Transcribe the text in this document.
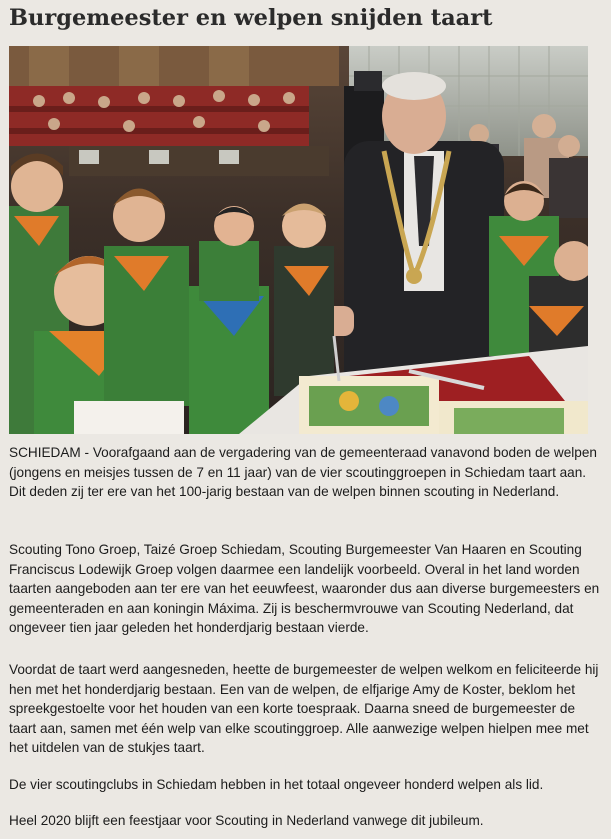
Burgemeester en welpen snijden taart

SCHIEDAM - Voorafgaand aan de vergadering van de gemeenteraad vanavond boden de welpen (jongens en meisjes tussen de 7 en 11 jaar) van de vier scoutinggroepen in Schiedam taart aan. Dit deden zij ter ere van het 100-jarig bestaan van de welpen binnen scouting in Nederland.

Scouting Tono Groep, Taizé Groep Schiedam, Scouting Burgemeester Van Haaren en Scouting Franciscus Lodewijk Groep volgen daarmee een landelijk voorbeeld. Overal in het land worden taarten aangeboden aan ter ere van het eeuwfeest, waaronder dus aan diverse burgemeesters en gemeenteraden en aan koningin Máxima. Zij is beschermvrouwe van Scouting Nederland, dat ongeveer tien jaar geleden het honderdjarig bestaan vierde.

Voordat de taart werd aangesneden, heette de burgemeester de welpen welkom en feliciteerde hij hen met het honderdjarig bestaan. Een van de welpen, de elfjarige Amy de Koster, beklom het spreekgestoelte voor het houden van een korte toespraak. Daarna sneed de burgemeester de taart aan, samen met één welp van elke scoutinggroep. Alle aanwezige welpen hielpen mee met het uitdelen van de stukjes taart.

De vier scoutingclubs in Schiedam hebben in het totaal ongeveer honderd welpen als lid.

Heel 2020 blijft een feestjaar voor Scouting in Nederland vanwege dit jubileum.
